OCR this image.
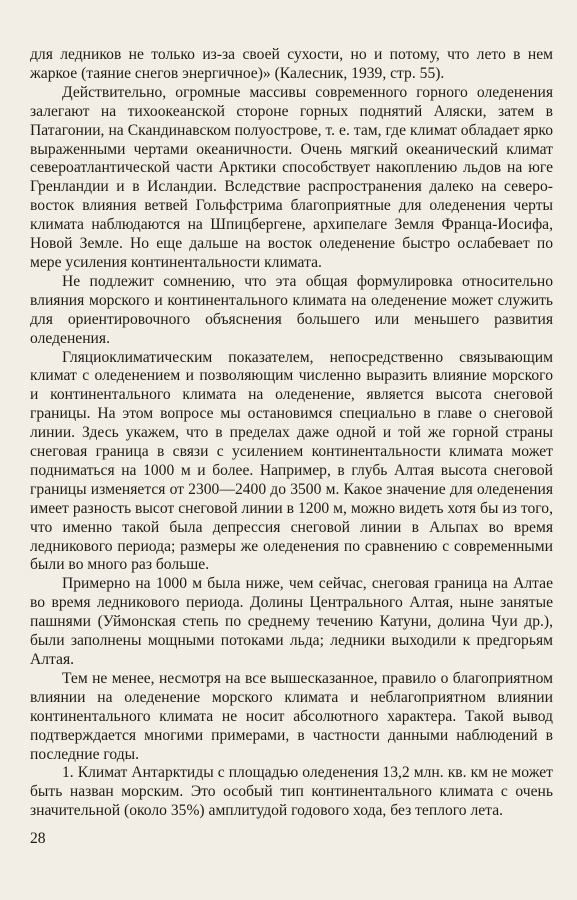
для ледников не только из-за своей сухости, но и потому, что лето в нем жаркое (таяние снегов энергичное)» (Калесник, 1939, стр. 55).

Действительно, огромные массивы современного горного оледенения залегают на тихоокеанской стороне горных поднятий Аляски, затем в Патагонии, на Скандинавском полуострове, т. е. там, где климат обладает ярко выраженными чертами океаничности. Очень мягкий океанический климат североатлантической части Арктики способствует накоплению льдов на юге Гренландии и в Исландии. Вследствие распространения далеко на северо-восток влияния ветвей Гольфстрима благоприятные для оледенения черты климата наблюдаются на Шпицбергене, архипелаге Земля Франца-Иосифа, Новой Земле. Но еще дальше на восток оледенение быстро ослабевает по мере усиления континентальности климата.

Не подлежит сомнению, что эта общая формулировка относительно влияния морского и континентального климата на оледенение может служить для ориентировочного объяснения большего или меньшего развития оледенения.

Гляциоклиматическим показателем, непосредственно связывающим климат с оледенением и позволяющим численно выразить влияние морского и континентального климата на оледенение, является высота снеговой границы. На этом вопросе мы остановимся специально в главе о снеговой линии. Здесь укажем, что в пределах даже одной и той же горной страны снеговая граница в связи с усилением континентальности климата может подниматься на 1000 м и более. Например, в глубь Алтая высота снеговой границы изменяется от 2300—2400 до 3500 м. Какое значение для оледенения имеет разность высот снеговой линии в 1200 м, можно видеть хотя бы из того, что именно такой была депрессия снеговой линии в Альпах во время ледникового периода; размеры же оледенения по сравнению с современными были во много раз больше.

Примерно на 1000 м была ниже, чем сейчас, снеговая граница на Алтае во время ледникового периода. Долины Центрального Алтая, ныне занятые пашнями (Уймонская степь по среднему течению Катуни, долина Чуи др.), были заполнены мощными потоками льда; ледники выходили к предгорьям Алтая.

Тем не менее, несмотря на все вышесказанное, правило о благоприятном влиянии на оледенение морского климата и неблагоприятном влиянии континентального климата не носит абсолютного характера. Такой вывод подтверждается многими примерами, в частности данными наблюдений в последние годы.

1. Климат Антарктиды с площадью оледенения 13,2 млн. кв. км не может быть назван морским. Это особый тип континентального климата с очень значительной (около 35%) амплитудой годового хода, без теплого лета.

28
